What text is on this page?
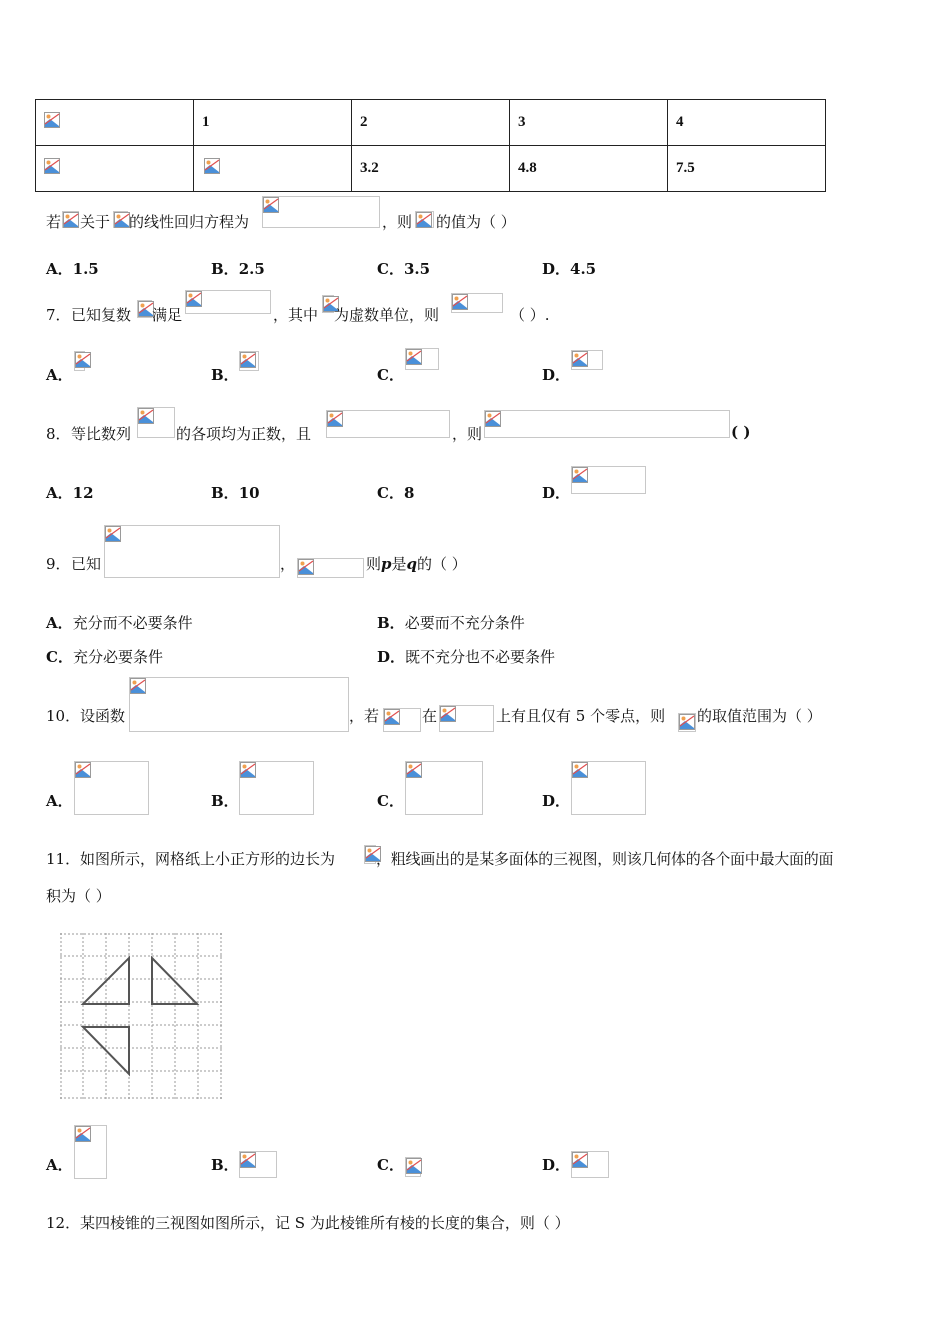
	1	2	3	4
		3.2	4.8	7.5
若 关于 的线性回归方程为	，则 的值为（ ）
A．1.5	B．2.5	C．3.5	D．4.5
7． 已知复数 满足	，其中 为虚数单位，则	（ ）.
A．	B．	C．	D．
8． 等比数列	的各项均为正数，且	，则	( )
A．12	B．10	C．8	D．
9． 已知	，	则p是q的（ ）
A．充分而不必要条件	B．必要而不充分条件
C．充分必要条件	D．既不充分也不必要条件
10． 设函数	，若	在	上有且仅有 5 个零点，则 的取值范围为（ ）
A．	B．	C．	D．
11． 如图所示，网格纸上小正方形的边长为	，粗线画出的是某多面体的三视图，则该几何体的各个面中最大面的面
积为（ ）
A．	B．	C．	D．
12． 某四棱锥的三视图如图所示，记 S 为此棱锥所有棱的长度的集合，则（ ）
